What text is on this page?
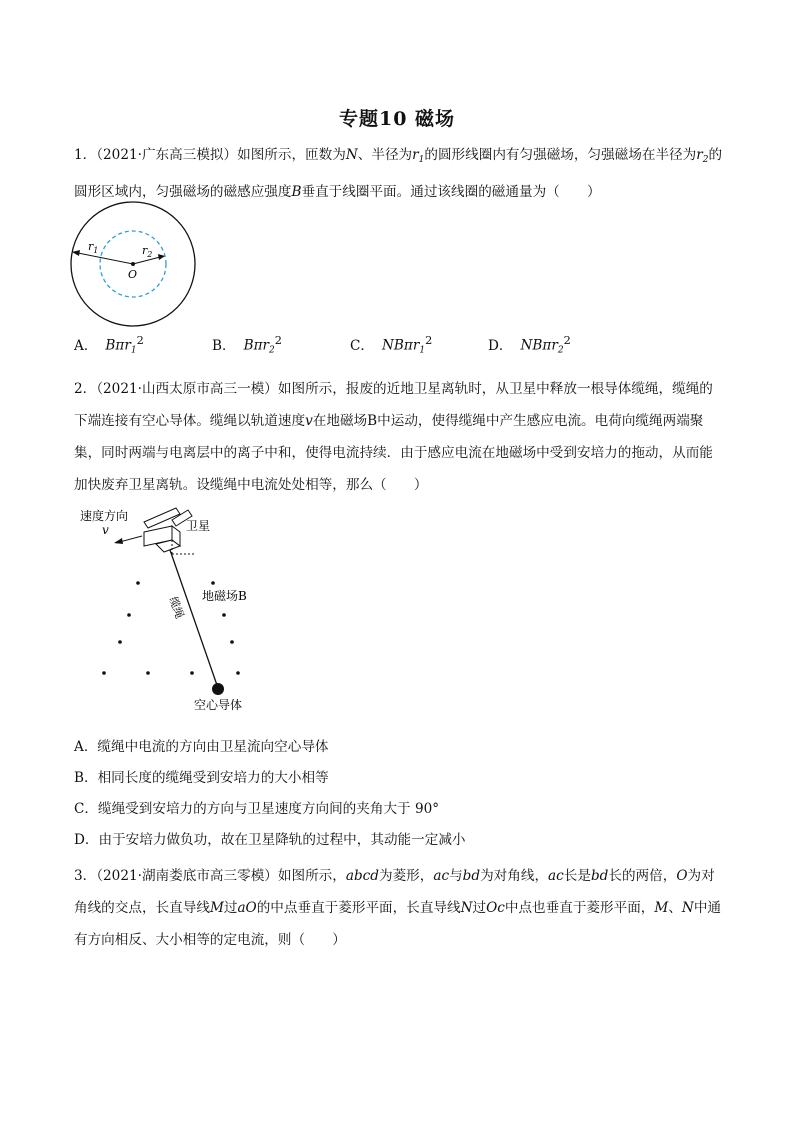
专题10 磁场
1．（2021·广东高三模拟）如图所示，匝数为N、半径为$r_1$的圆形线圈内有匀强磁场，匀强磁场在半径为$r_2$的圆形区域内，匀强磁场的磁感应强度B垂直于线圈平面。通过该线圈的磁通量为（　　）
$r_1$	$r_2$
O
A． Bπr$_1^2$	B． Bπr$_2^2$	C． NBπr$_1^2$	D． NBπr$_2^2$
2．（2021·山西太原市高三一模）如图所示，报废的近地卫星离轨时，从卫星中释放一根导体缆绳，缆绳的下端连接有空心导体。缆绳以轨道速度v在地磁场B中运动，使得缆绳中产生感应电流。电荷向缆绳两端聚集，同时两端与电离层中的离子中和，使得电流持续．由于感应电流在地磁场中受到安培力的拖动，从而能加快废弃卫星离轨。设缆绳中电流处处相等，那么（　　）
速度方向
v	卫星
缆绳
空心导体
地磁场B
A．缆绳中电流的方向由卫星流向空心导体
B．相同长度的缆绳受到安培力的大小相等
C．缆绳受到安培力的方向与卫星速度方向间的夹角大于 90°
D．由于安培力做负功，故在卫星降轨的过程中，其动能一定减小
3．（2021·湖南娄底市高三零模）如图所示，abcd为菱形，ac与bd为对角线，ac长是bd长的两倍，O为对角线的交点，长直导线M过aO的中点垂直于菱形平面，长直导线N过Oc中点也垂直于菱形平面，M、N中通有方向相反、大小相等的定电流，则（　　）
